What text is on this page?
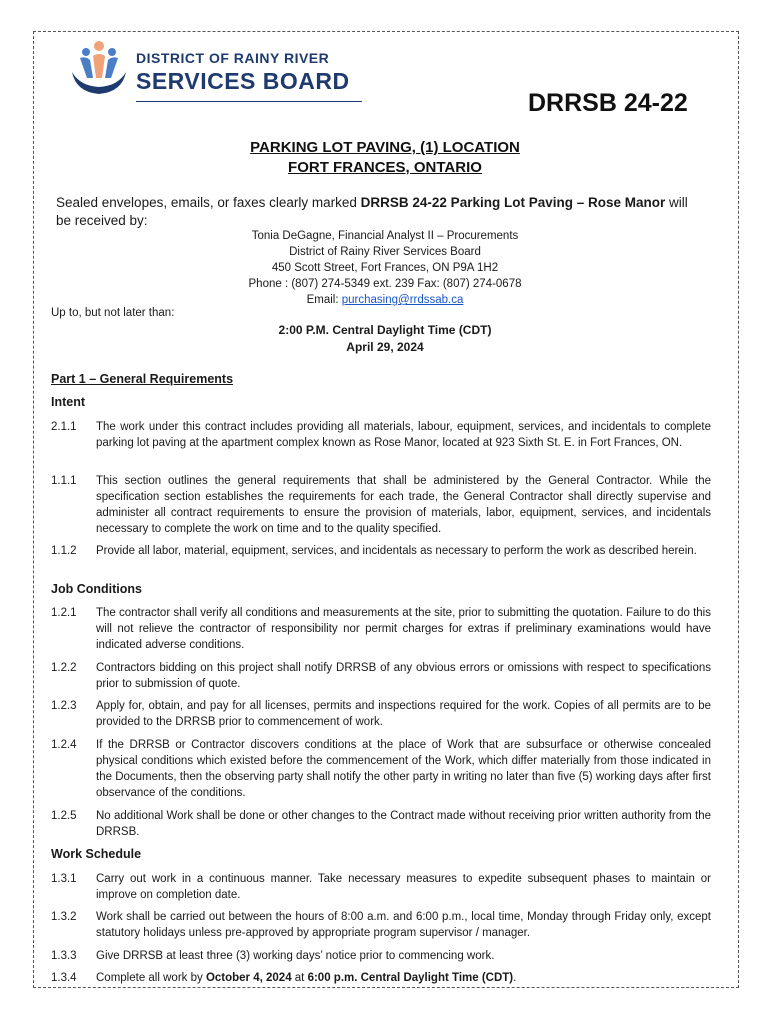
DISTRICT OF RAINY RIVER
SERVICES BOARD
DRRSB 24-22
PARKING LOT PAVING, (1) LOCATION
FORT FRANCES, ONTARIO
Sealed envelopes, emails, or faxes clearly marked DRRSB 24-22 Parking Lot Paving – Rose Manor will be received by:
Tonia DeGagne, Financial Analyst II – Procurements
District of Rainy River Services Board
450 Scott Street, Fort Frances, ON P9A 1H2
Phone : (807) 274-5349 ext. 239 Fax: (807) 274-0678
Email: purchasing@rrdssab.ca
Up to, but not later than:
2:00 P.M. Central Daylight Time (CDT)
April 29, 2024
Part 1 – General Requirements
Intent
2.1.1	The work under this contract includes providing all materials, labour, equipment, services, and incidentals to complete parking lot paving at the apartment complex known as Rose Manor, located at 923 Sixth St. E. in Fort Frances, ON.
1.1.1	This section outlines the general requirements that shall be administered by the General Contractor. While the specification section establishes the requirements for each trade, the General Contractor shall directly supervise and administer all contract requirements to ensure the provision of materials, labor, equipment, services, and incidentals necessary to complete the work on time and to the quality specified.
1.1.2	Provide all labor, material, equipment, services, and incidentals as necessary to perform the work as described herein.
Job Conditions
1.2.1	The contractor shall verify all conditions and measurements at the site, prior to submitting the quotation. Failure to do this will not relieve the contractor of responsibility nor permit charges for extras if preliminary examinations would have indicated adverse conditions.
1.2.2	Contractors bidding on this project shall notify DRRSB of any obvious errors or omissions with respect to specifications prior to submission of quote.
1.2.3	Apply for, obtain, and pay for all licenses, permits and inspections required for the work. Copies of all permits are to be provided to the DRRSB prior to commencement of work.
1.2.4	If the DRRSB or Contractor discovers conditions at the place of Work that are subsurface or otherwise concealed physical conditions which existed before the commencement of the Work, which differ materially from those indicated in the Documents, then the observing party shall notify the other party in writing no later than five (5) working days after first observance of the conditions.
1.2.5	No additional Work shall be done or other changes to the Contract made without receiving prior written authority from the DRRSB.
Work Schedule
1.3.1	Carry out work in a continuous manner. Take necessary measures to expedite subsequent phases to maintain or improve on completion date.
1.3.2	Work shall be carried out between the hours of 8:00 a.m. and 6:00 p.m., local time, Monday through Friday only, except statutory holidays unless pre-approved by appropriate program supervisor / manager.
1.3.3	Give DRRSB at least three (3) working days’ notice prior to commencing work.
1.3.4	Complete all work by October 4, 2024 at 6:00 p.m. Central Daylight Time (CDT).
